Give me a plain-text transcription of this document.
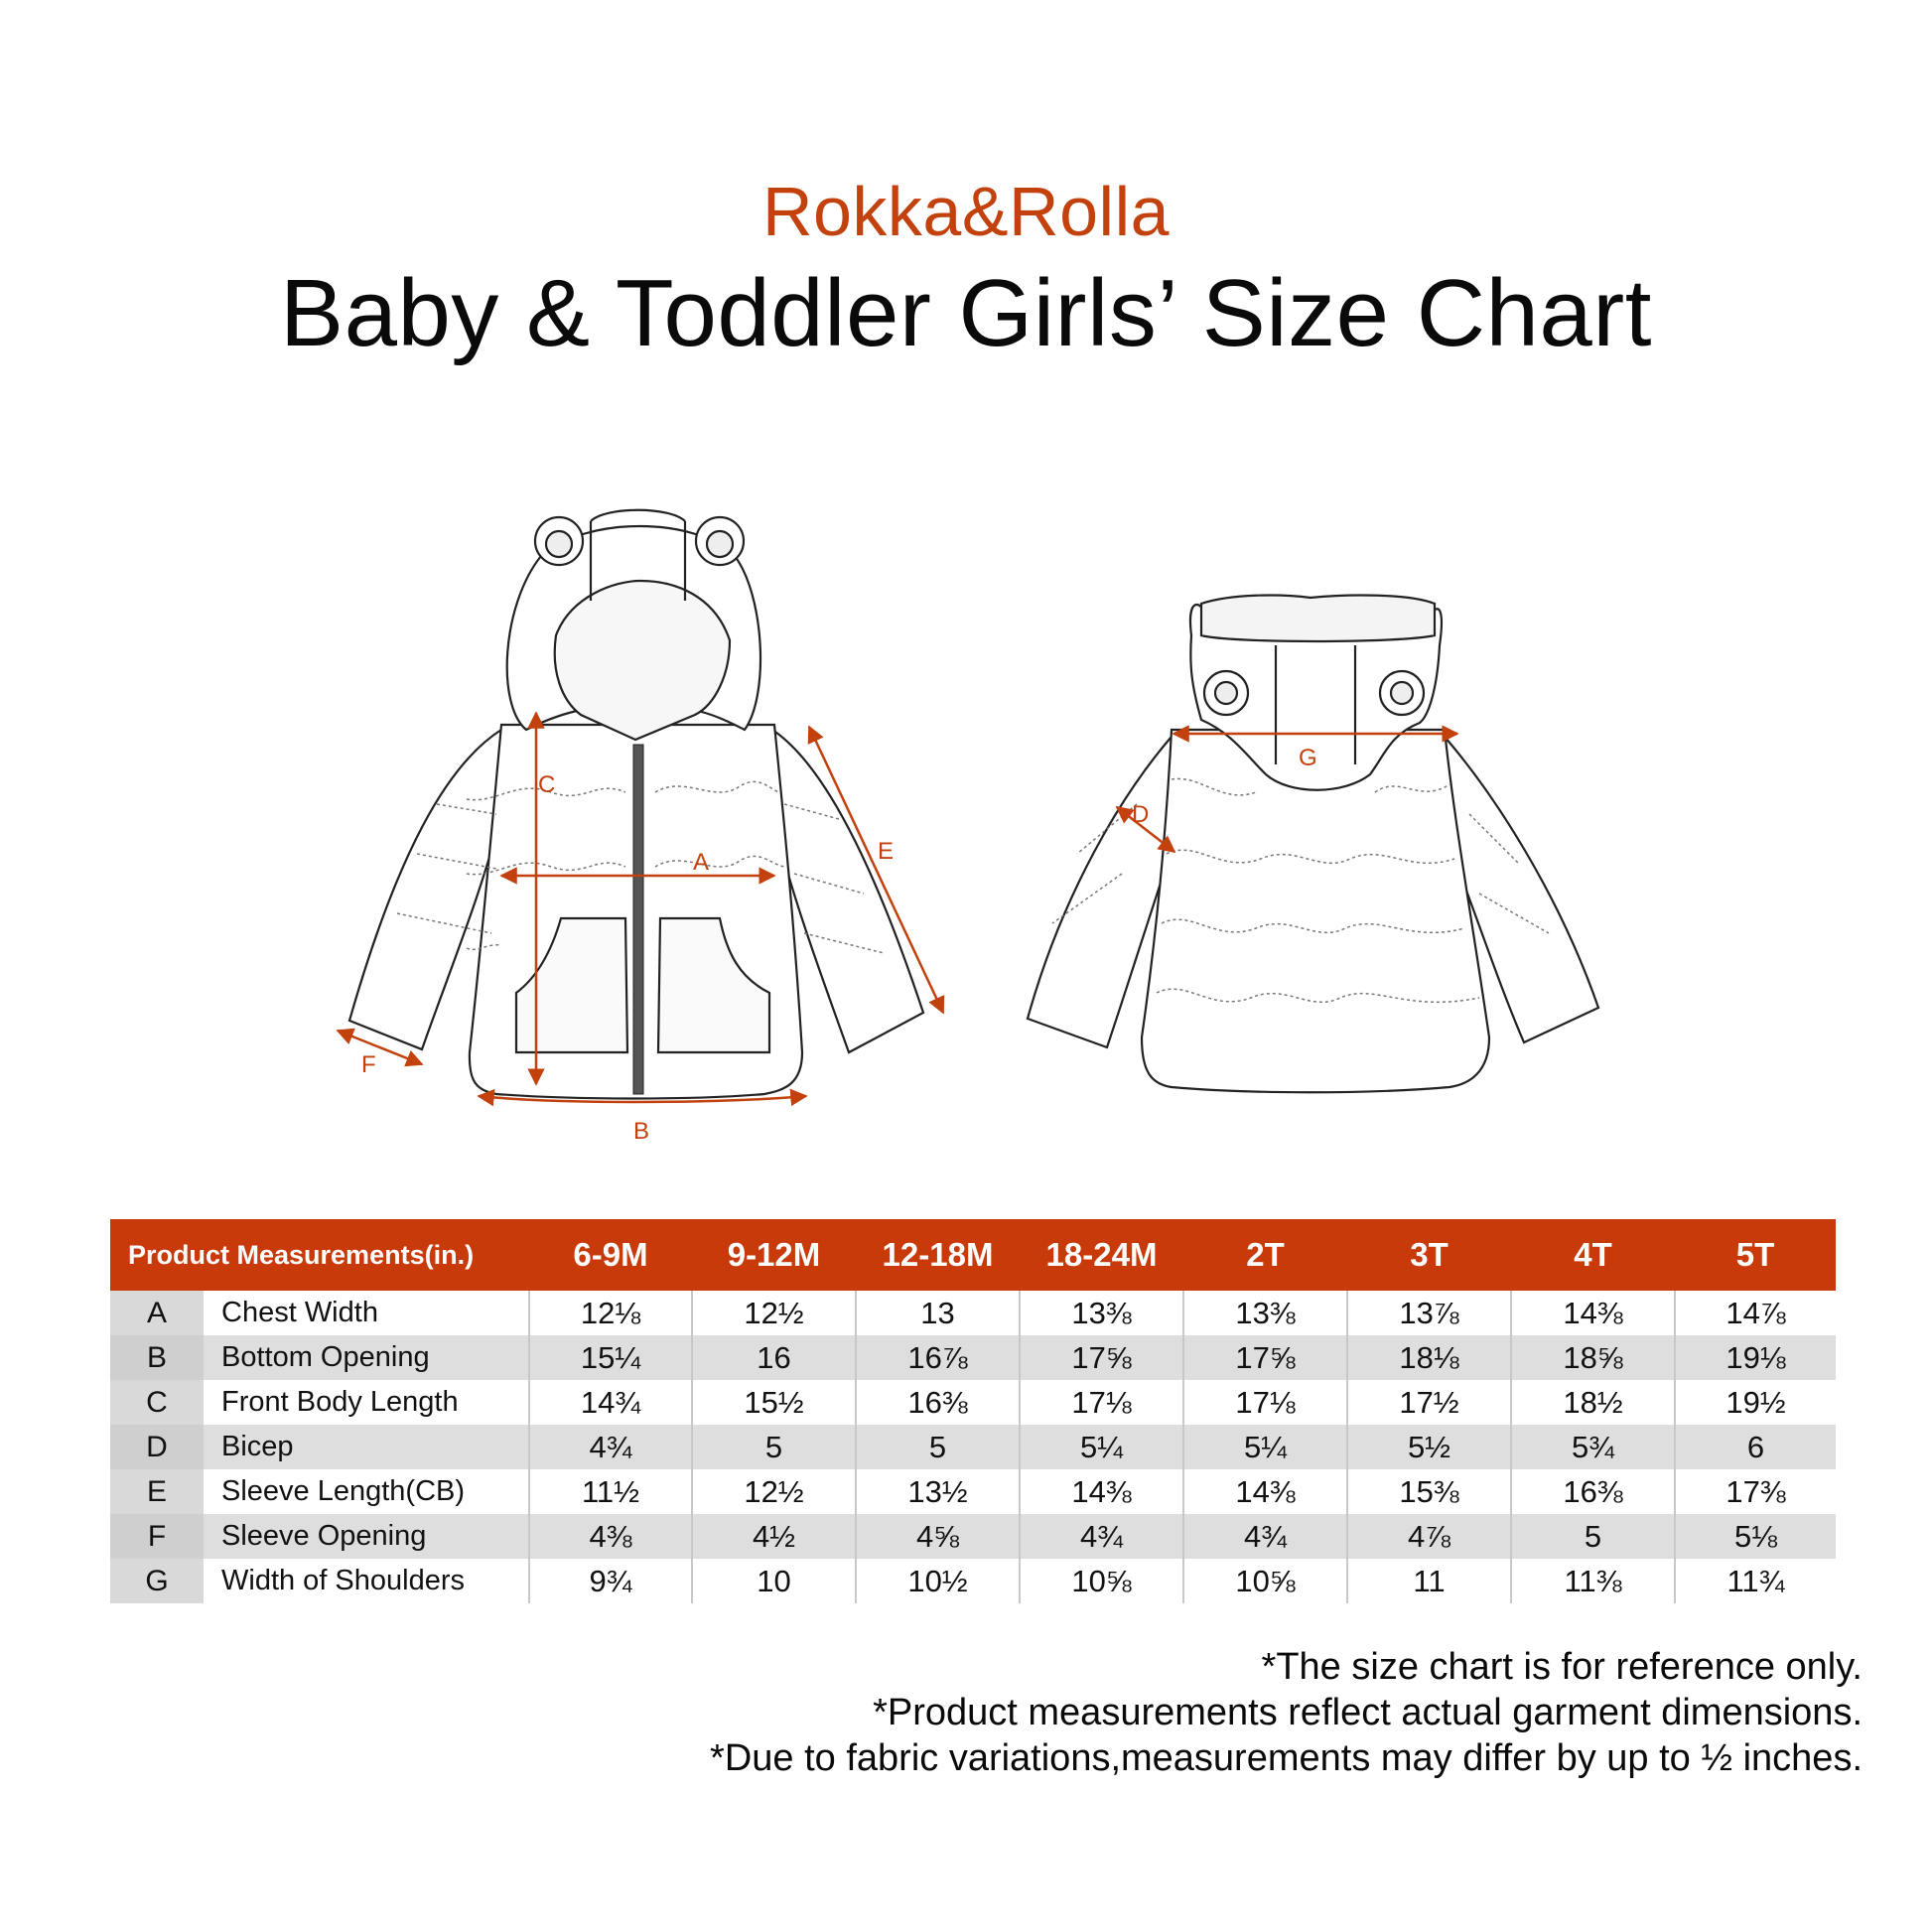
Rokka&Rolla
Baby & Toddler Girls’ Size Chart
C
A	E
F
B
G
D
Product Measurements(in.)		6-9M	9-12M	12-18M	18-24M	2T	3T	4T	5T
A	Chest Width	12⅛	12½	13	13⅜	13⅜	13⅞	14⅜	14⅞
B	Bottom Opening	15¼	16	16⅞	17⅝	17⅝	18⅛	18⅝	19⅛
C	Front Body Length	14¾	15½	16⅜	17⅛	17⅛	17½	18½	19½
D	Bicep	4¾	5	5	5¼	5¼	5½	5¾	6
E	Sleeve Length(CB)	11½	12½	13½	14⅜	14⅜	15⅜	16⅜	17⅜
F	Sleeve Opening	4⅜	4½	4⅝	4¾	4¾	4⅞	5	5⅛
G	Width of Shoulders	9¾	10	10½	10⅝	10⅝	11	11⅜	11¾
*The size chart is for reference only.
*Product measurements reflect actual garment dimensions.
*Due to fabric variations,measurements may differ by up to ½ inches.
